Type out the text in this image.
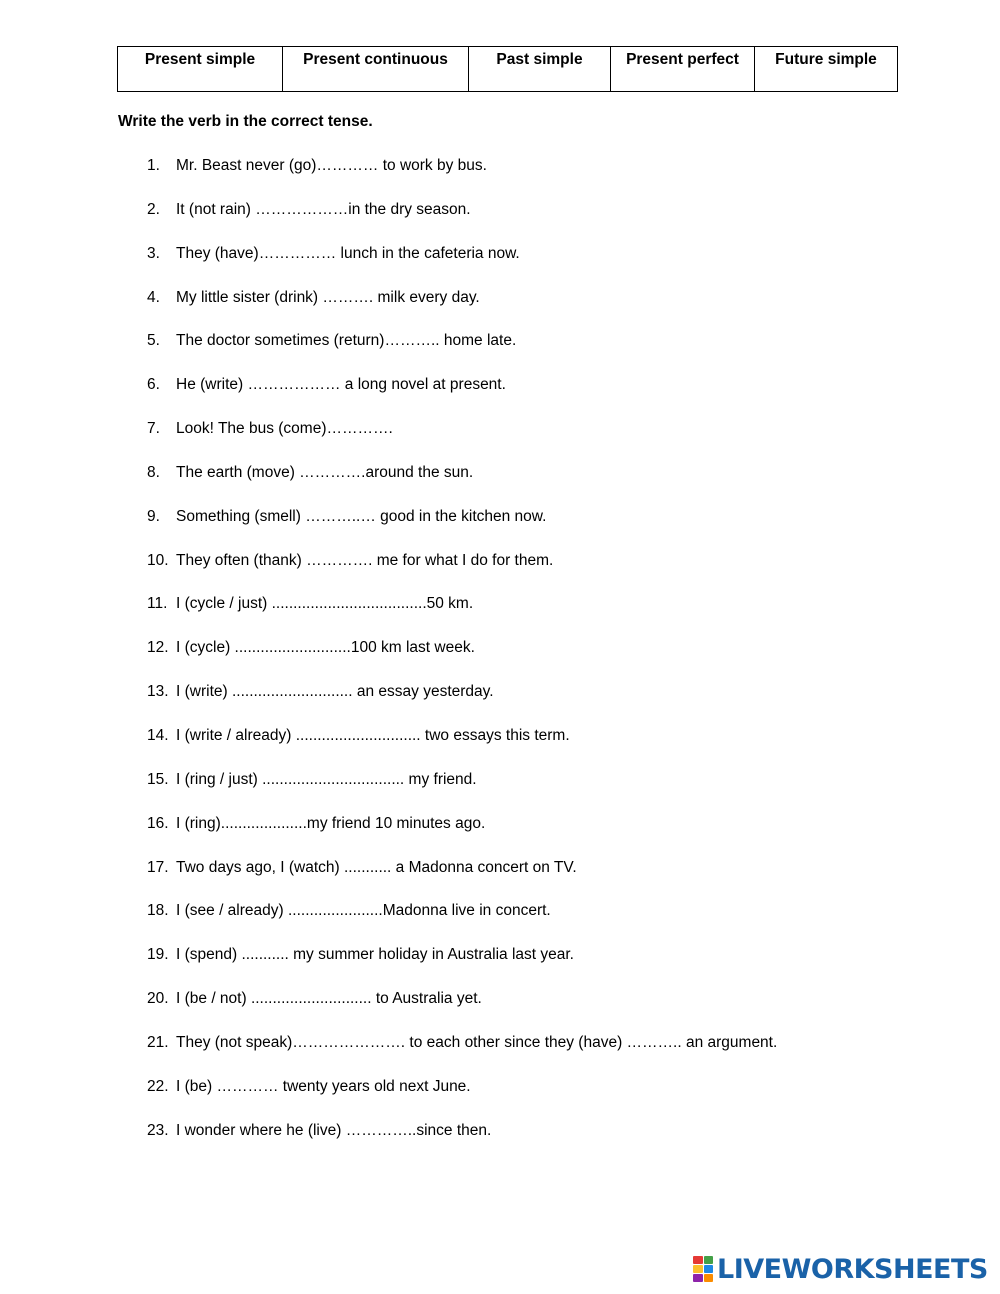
Present simple	Present continuous	Past simple	Present perfect	Future simple

Write the verb in the correct tense.

1. Mr. Beast never (go)………… to work by bus.
2. It (not rain) ………………in the dry season.
3. They (have)…………… lunch in the cafeteria now.
4. My little sister (drink) ………. milk every day.
5. The doctor sometimes (return)……….. home late.
6. He (write) ……………… a long novel at present.
7. Look! The bus (come)………….
8. The earth (move) ………….around the sun.
9. Something (smell) ………..… good in the kitchen now.
10. They often (thank) …………. me for what I do for them.
11. I (cycle / just) ....................................50 km.
12. I (cycle) ...........................100 km last week.
13. I (write) ............................ an essay yesterday.
14. I (write / already) ............................. two essays this term.
15. I (ring / just) ................................. my friend.
16. I (ring)....................my friend 10 minutes ago.
17. Two days ago, I (watch) ........... a Madonna concert on TV.
18. I (see / already) ......................Madonna live in concert.
19. I (spend) ........... my summer holiday in Australia last year.
20. I (be / not) ............................ to Australia yet.
21. They (not speak)…………………. to each other since they (have) ……….. an argument.
22. I (be) ………… twenty years old next June.
23. I wonder where he (live) …………..since then.
LIVEWORKSHEETS
